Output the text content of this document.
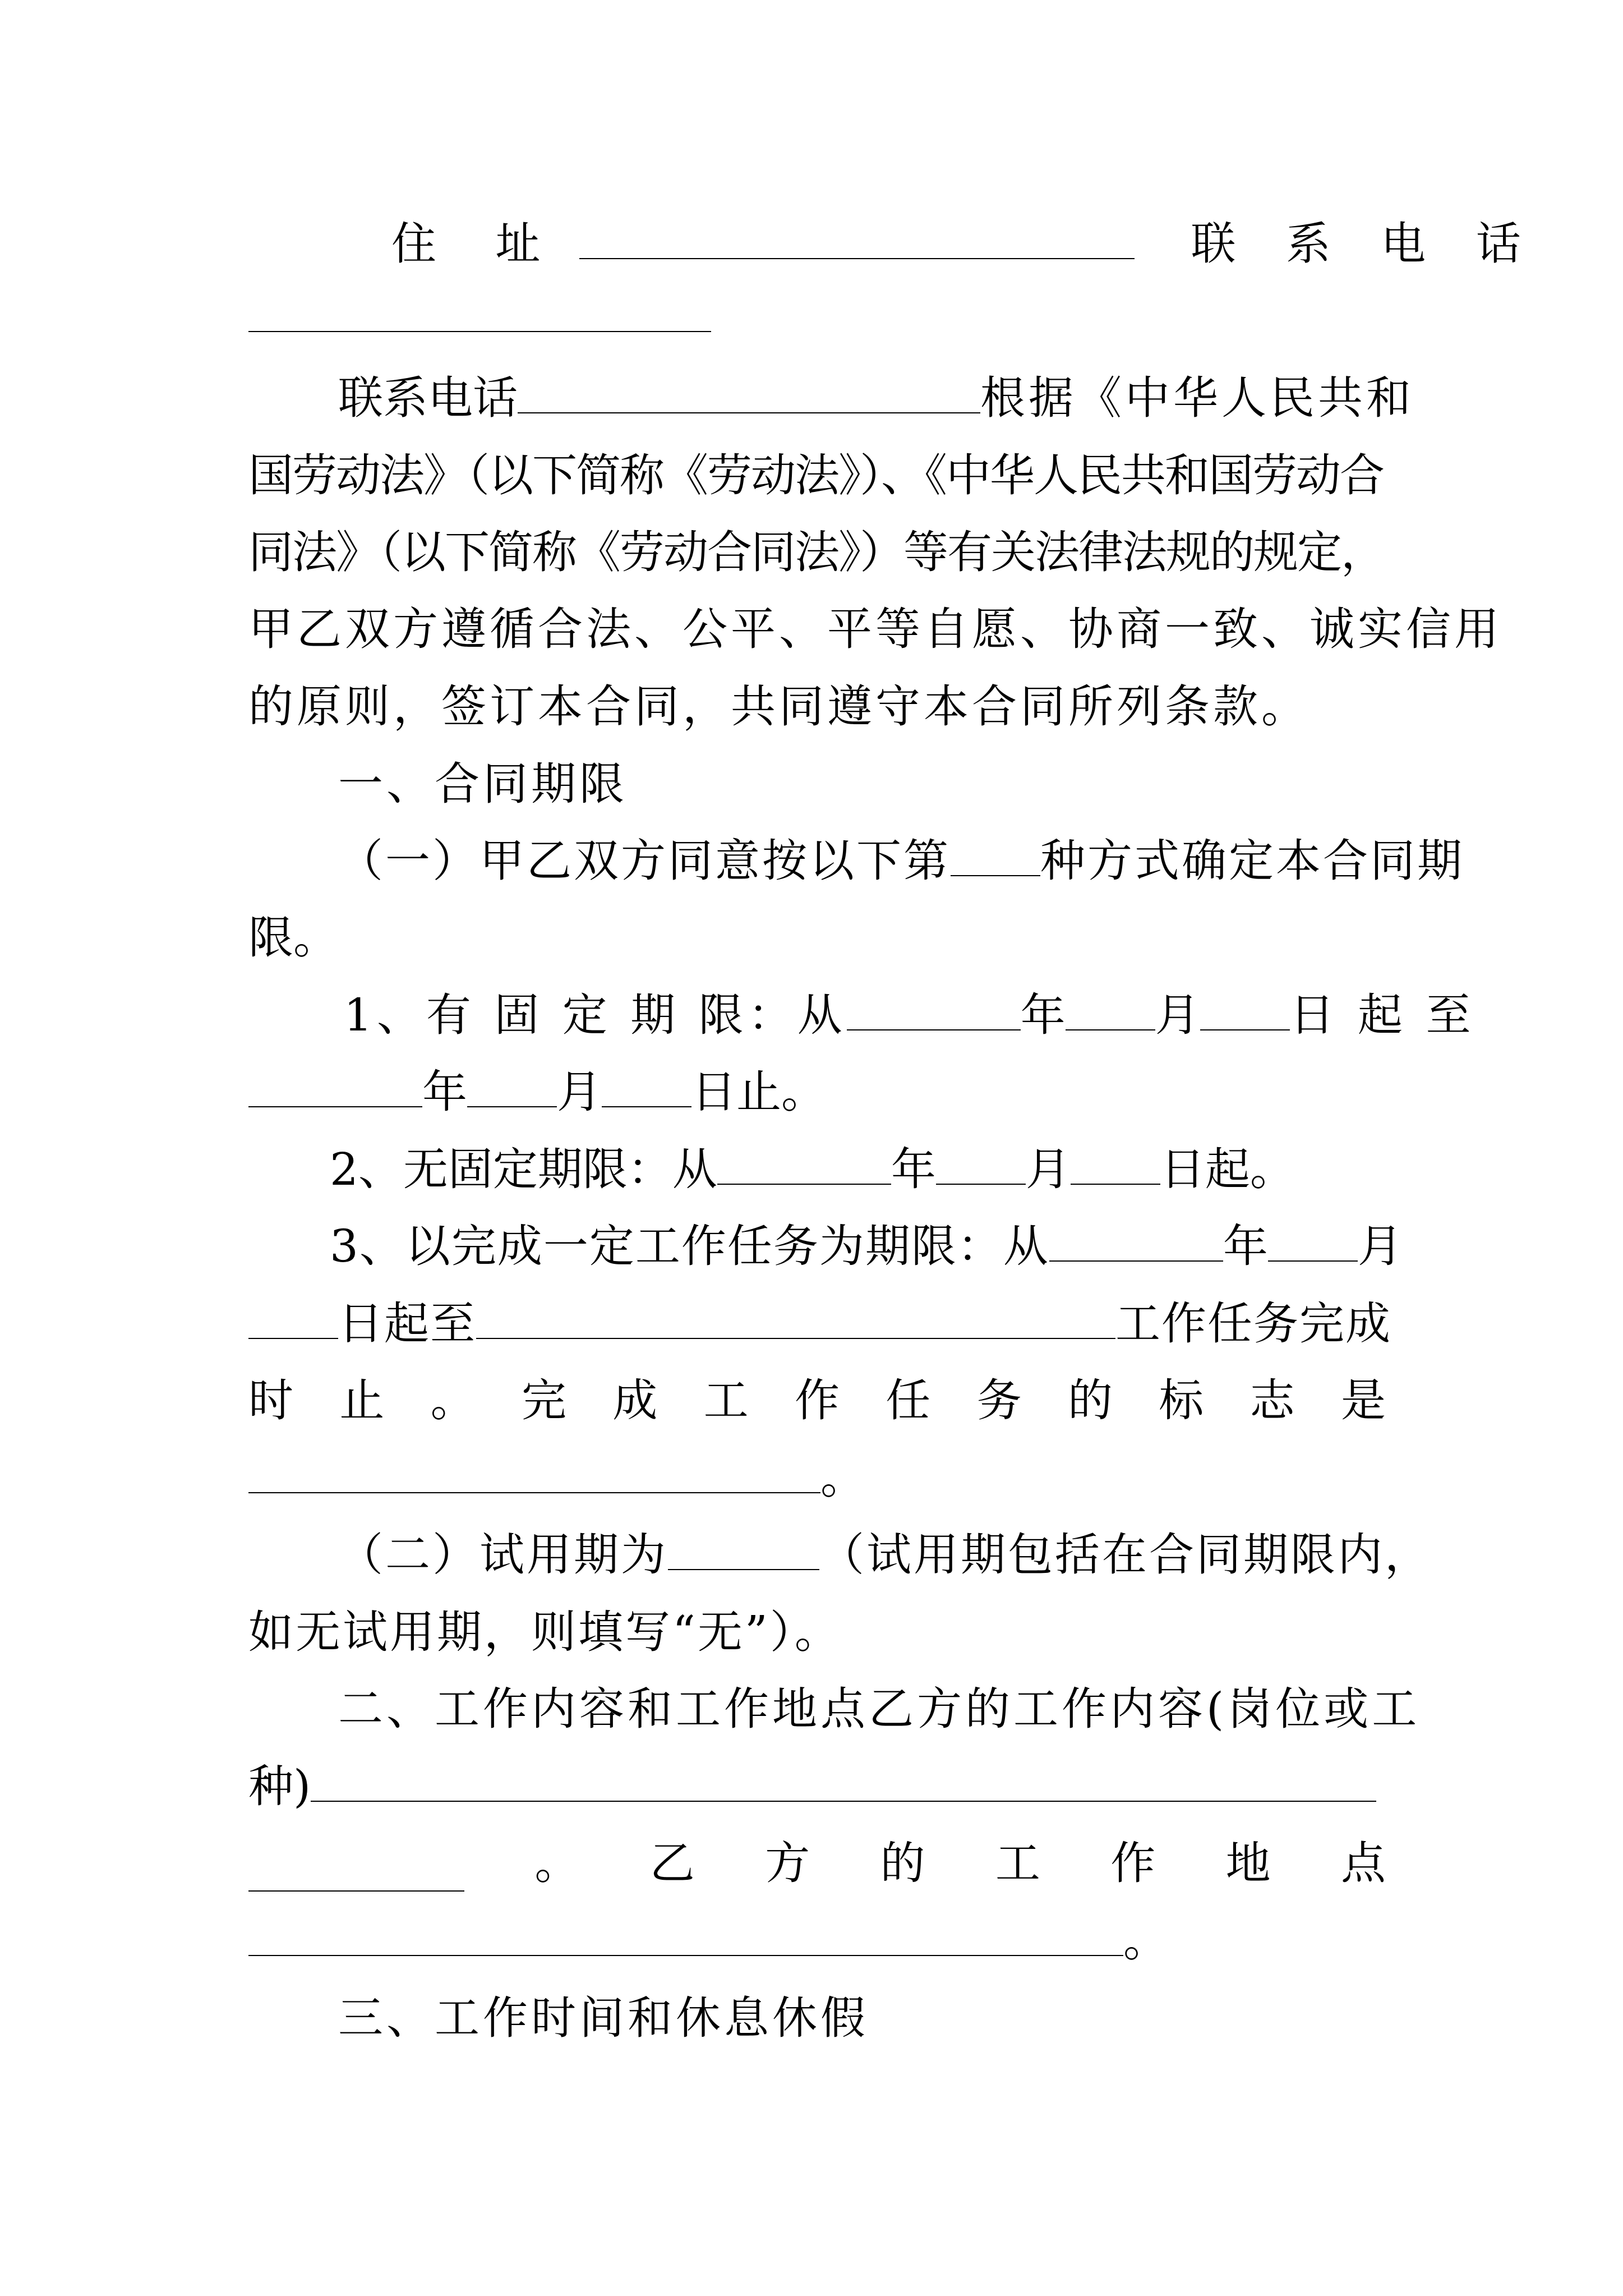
住 址	联 系 电 话
联系电话	根据《中华人民共和
国劳动法》（以下简称《劳动法》）、《中华人民共和国劳动合
同法》（以下简称《劳动合同法》）等有关法律法规的规定，
甲乙双方遵循合法、公平、平等自愿、协商一致、诚实信用
的原则，签订本合同，共同遵守本合同所列条款。
一、合同期限
（一）甲乙双方同意按以下第 种方式确定本合同期
限。
1、有 固 定 期 限：从	年 月 日 起 至
年 月 日止。
2、无固定期限：从	年 月 日起。
3、以完成一定工作任务为期限：从	年 月
日起至	工作任务完成
时 止 。 完 成 工 作 任 务 的 标 志 是
。
（二）试用期为	（试用期包括在合同期限内，
如无试用期，则填写“无”）。
二、工作内容和工作地点乙方的工作内容(岗位或工
种)
。 乙 方 的 工 作 地 点
。
三、工作时间和休息休假
